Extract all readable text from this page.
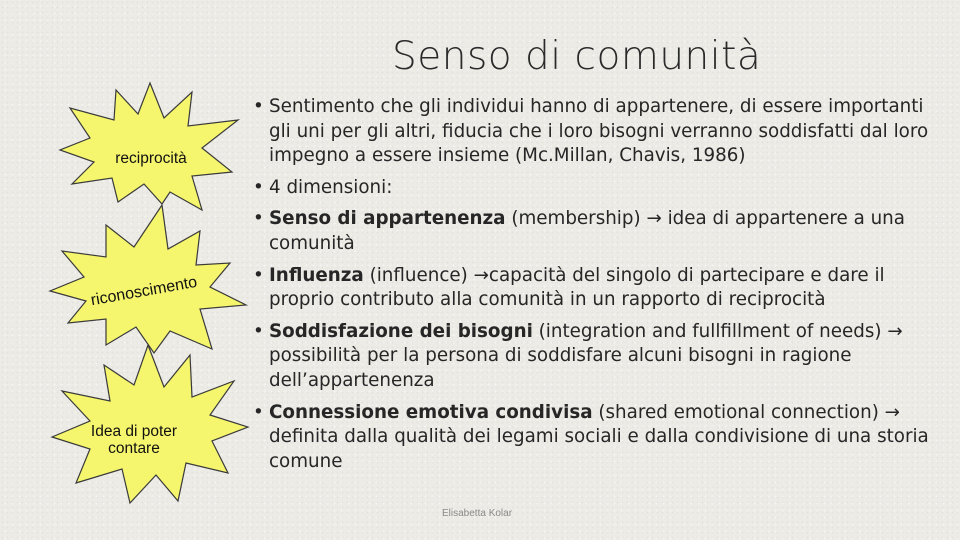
Senso di comunità
reciprocità
riconoscimento
Idea di poter
contare
• Sentimento che gli individui hanno di appartenere, di essere importanti gli uni per gli altri, fiducia che i loro bisogni verranno soddisfatti dal loro impegno a essere insieme (Mc.Millan, Chavis, 1986)
• 4 dimensioni:
• Senso di appartenenza (membership) → idea di appartenere a una comunità
• Influenza (influence) →capacità del singolo di partecipare e dare il proprio contributo alla comunità in un rapporto di reciprocità
• Soddisfazione dei bisogni (integration and fullfillment of needs) → possibilità per la persona di soddisfare alcuni bisogni in ragione dell’appartenenza
• Connessione emotiva condivisa (shared emotional connection) → definita dalla qualità dei legami sociali e dalla condivisione di una storia comune
Elisabetta Kolar
